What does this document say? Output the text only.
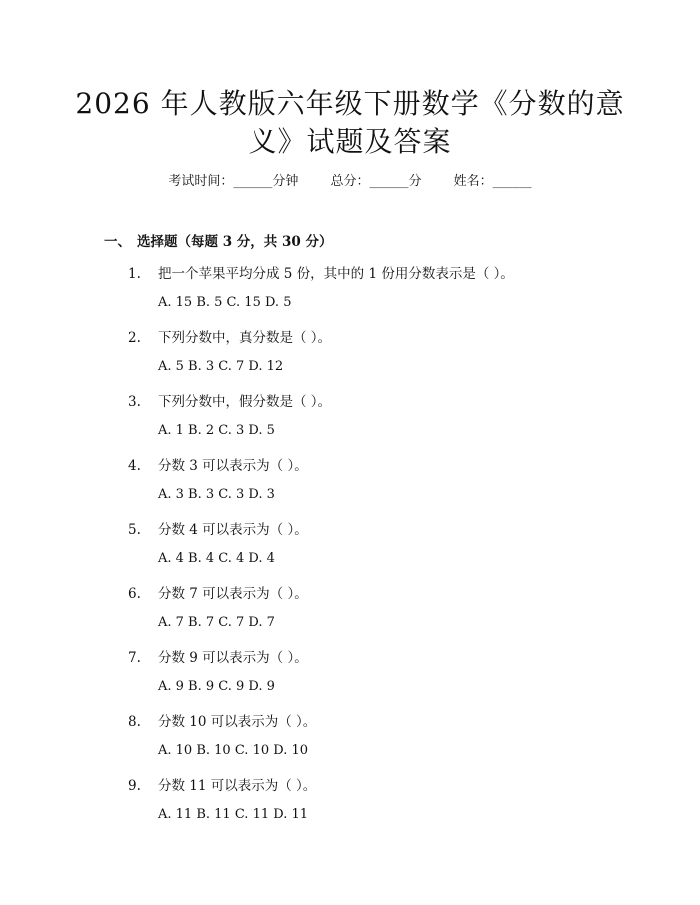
2026 年人教版六年级下册数学《分数的意
义》试题及答案
考试时间：______分钟 总分：______分 姓名：______
一、 选择题（每题 3 分，共 30 分）
1. 把一个苹果平均分成 5 份，其中的 1 份用分数表示是（ ）。
A. 15 B. 5 C. 15 D. 5
2. 下列分数中，真分数是（ ）。
A. 5 B. 3 C. 7 D. 12
3. 下列分数中，假分数是（ ）。
A. 1 B. 2 C. 3 D. 5
4. 分数 3 可以表示为（ ）。
A. 3 B. 3 C. 3 D. 3
5. 分数 4 可以表示为（ ）。
A. 4 B. 4 C. 4 D. 4
6. 分数 7 可以表示为（ ）。
A. 7 B. 7 C. 7 D. 7
7. 分数 9 可以表示为（ ）。
A. 9 B. 9 C. 9 D. 9
8. 分数 10 可以表示为（ ）。
A. 10 B. 10 C. 10 D. 10
9. 分数 11 可以表示为（ ）。
A. 11 B. 11 C. 11 D. 11
